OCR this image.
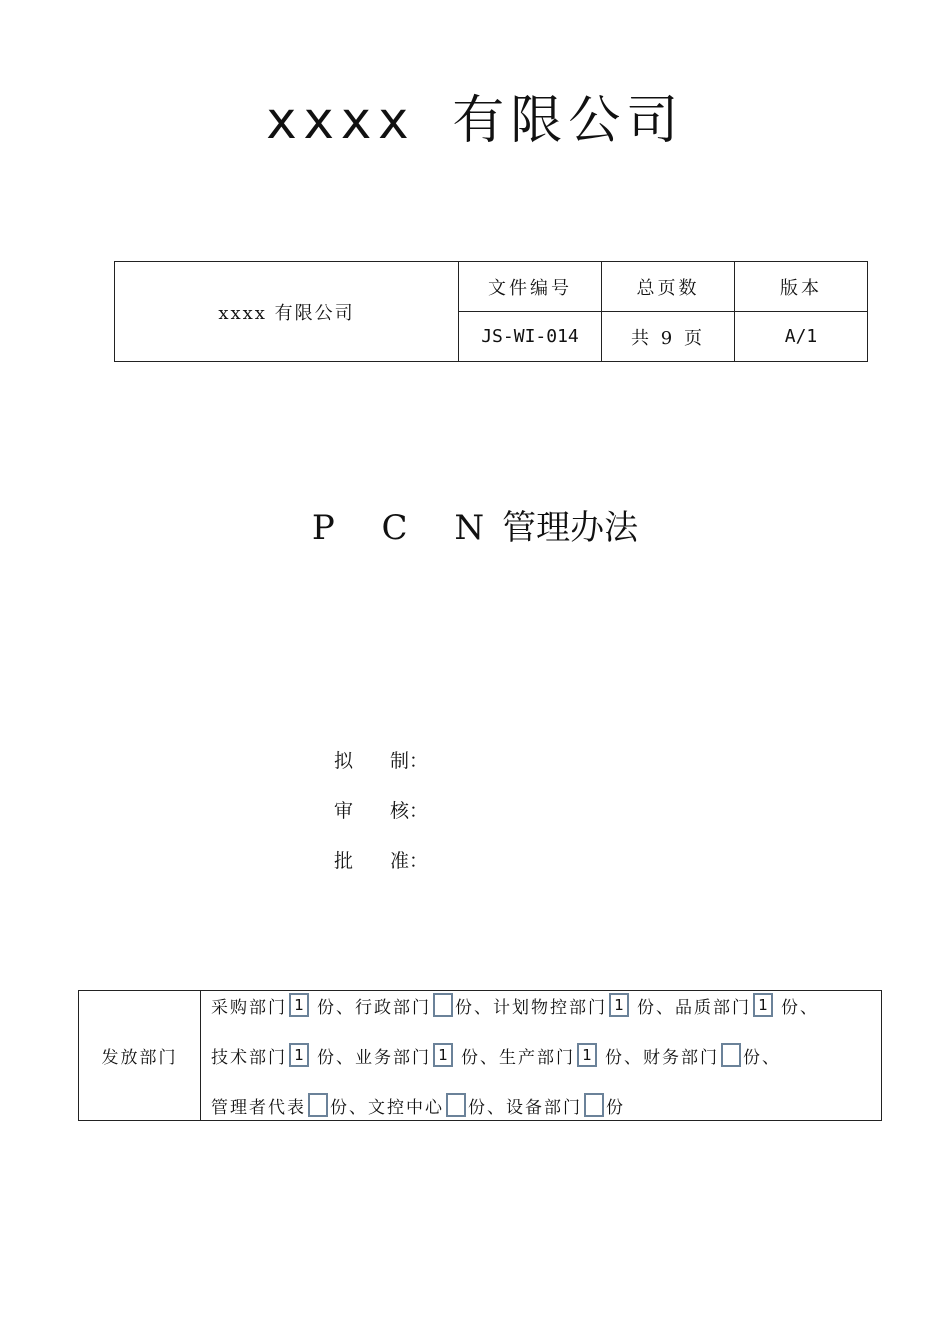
xxxx 有限公司
xxxx 有限公司	文件编号	总页数	版本
	JS-WI-014	共 9 页	A/1
P C N管理办法
拟 制：
审 核：
批 准：
发放部门	
采购部门 1 份、 行政部门 份、 计划物控部门 1 份、 品质部门 1 份、
技术部门 1 份、 业务部门 1 份、 生产部门 1 份、 财务部门 份、
管理者代表 份、 文控中心 份、 设备部门 份
